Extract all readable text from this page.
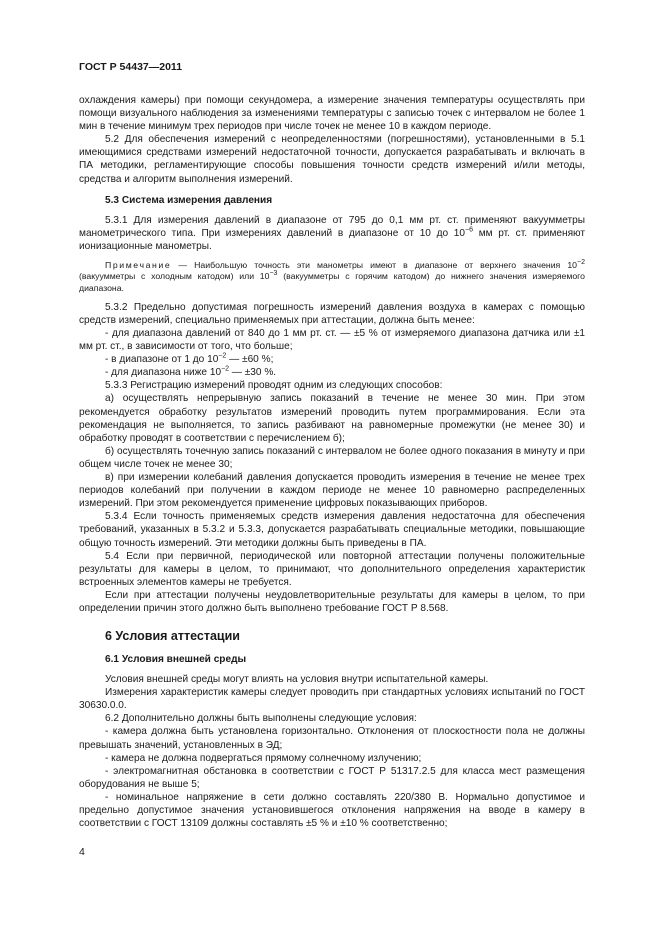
ГОСТ Р 54437—2011

охлаждения камеры) при помощи секундомера, а измерение значения температуры осуществлять при помощи визуального наблюдения за изменениями температуры с записью точек с интервалом не более 1 мин в течение минимум трех периодов при числе точек не менее 10 в каждом периоде.

5.2 Для обеспечения измерений с неопределенностями (погрешностями), установленными в 5.1 имеющимися средствами измерений недостаточной точности, допускается разрабатывать и включать в ПА методики, регламентирующие способы повышения точности средств измерений и/или методы, средства и алгоритм выполнения измерений.

5.3 Система измерения давления

5.3.1 Для измерения давлений в диапазоне от 795 до 0,1 мм рт. ст. применяют вакуумметры манометрического типа. При измерениях давлений в диапазоне от 10 до $10^{-6}$ мм рт. ст. применяют ионизационные манометры.

Примечание — Наибольшую точность эти манометры имеют в диапазоне от верхнего значения $10^{-2}$ (вакуумметры с холодным катодом) или $10^{-3}$ (вакуумметры с горячим катодом) до нижнего значения измеряемого диапазона.

5.3.2 Предельно допустимая погрешность измерений давления воздуха в камерах с помощью средств измерений, специально применяемых при аттестации, должна быть менее:

- для диапазона давлений от 840 до 1 мм рт. ст. — ±5 % от измеряемого диапазона датчика или ±1 мм рт. ст., в зависимости от того, что больше;

- в диапазоне от 1 до $10^{-2}$ — ±60 %;

- для диапазона ниже $10^{-2}$ — ±30 %.

5.3.3 Регистрацию измерений проводят одним из следующих способов:

а) осуществлять непрерывную запись показаний в течение не менее 30 мин. При этом рекомендуется обработку результатов измерений проводить путем программирования. Если эта рекомендация не выполняется, то запись разбивают на равномерные промежутки (не менее 30) и обработку проводят в соответствии с перечислением б);

б) осуществлять точечную запись показаний с интервалом не более одного показания в минуту и при общем числе точек не менее 30;

в) при измерении колебаний давления допускается проводить измерения в течение не менее трех периодов колебаний при получении в каждом периоде не менее 10 равномерно распределенных измерений. При этом рекомендуется применение цифровых показывающих приборов.

5.3.4 Если точность применяемых средств измерения давления недостаточна для обеспечения требований, указанных в 5.3.2 и 5.3.3, допускается разрабатывать специальные методики, повышающие общую точность измерений. Эти методики должны быть приведены в ПА.

5.4 Если при первичной, периодической или повторной аттестации получены положительные результаты для камеры в целом, то принимают, что дополнительного определения характеристик встроенных элементов камеры не требуется.

Если при аттестации получены неудовлетворительные результаты для камеры в целом, то при определении причин этого должно быть выполнено требование ГОСТ Р 8.568.

6 Условия аттестации
6.1 Условия внешней среды

Условия внешней среды могут влиять на условия внутри испытательной камеры.

Измерения характеристик камеры следует проводить при стандартных условиях испытаний по ГОСТ 30630.0.0.

6.2 Дополнительно должны быть выполнены следующие условия:

- камера должна быть установлена горизонтально. Отклонения от плоскостности пола не должны превышать значений, установленных в ЭД;

- камера не должна подвергаться прямому солнечному излучению;

- электромагнитная обстановка в соответствии с ГОСТ Р 51317.2.5 для класса мест размещения оборудования не выше 5;

- номинальное напряжение в сети должно составлять 220/380 В. Нормально допустимое и предельно допустимое значения установившегося отклонения напряжения на вводе в камеру в соответствии с ГОСТ 13109 должны составлять ±5 % и ±10 % соответственно;

4
